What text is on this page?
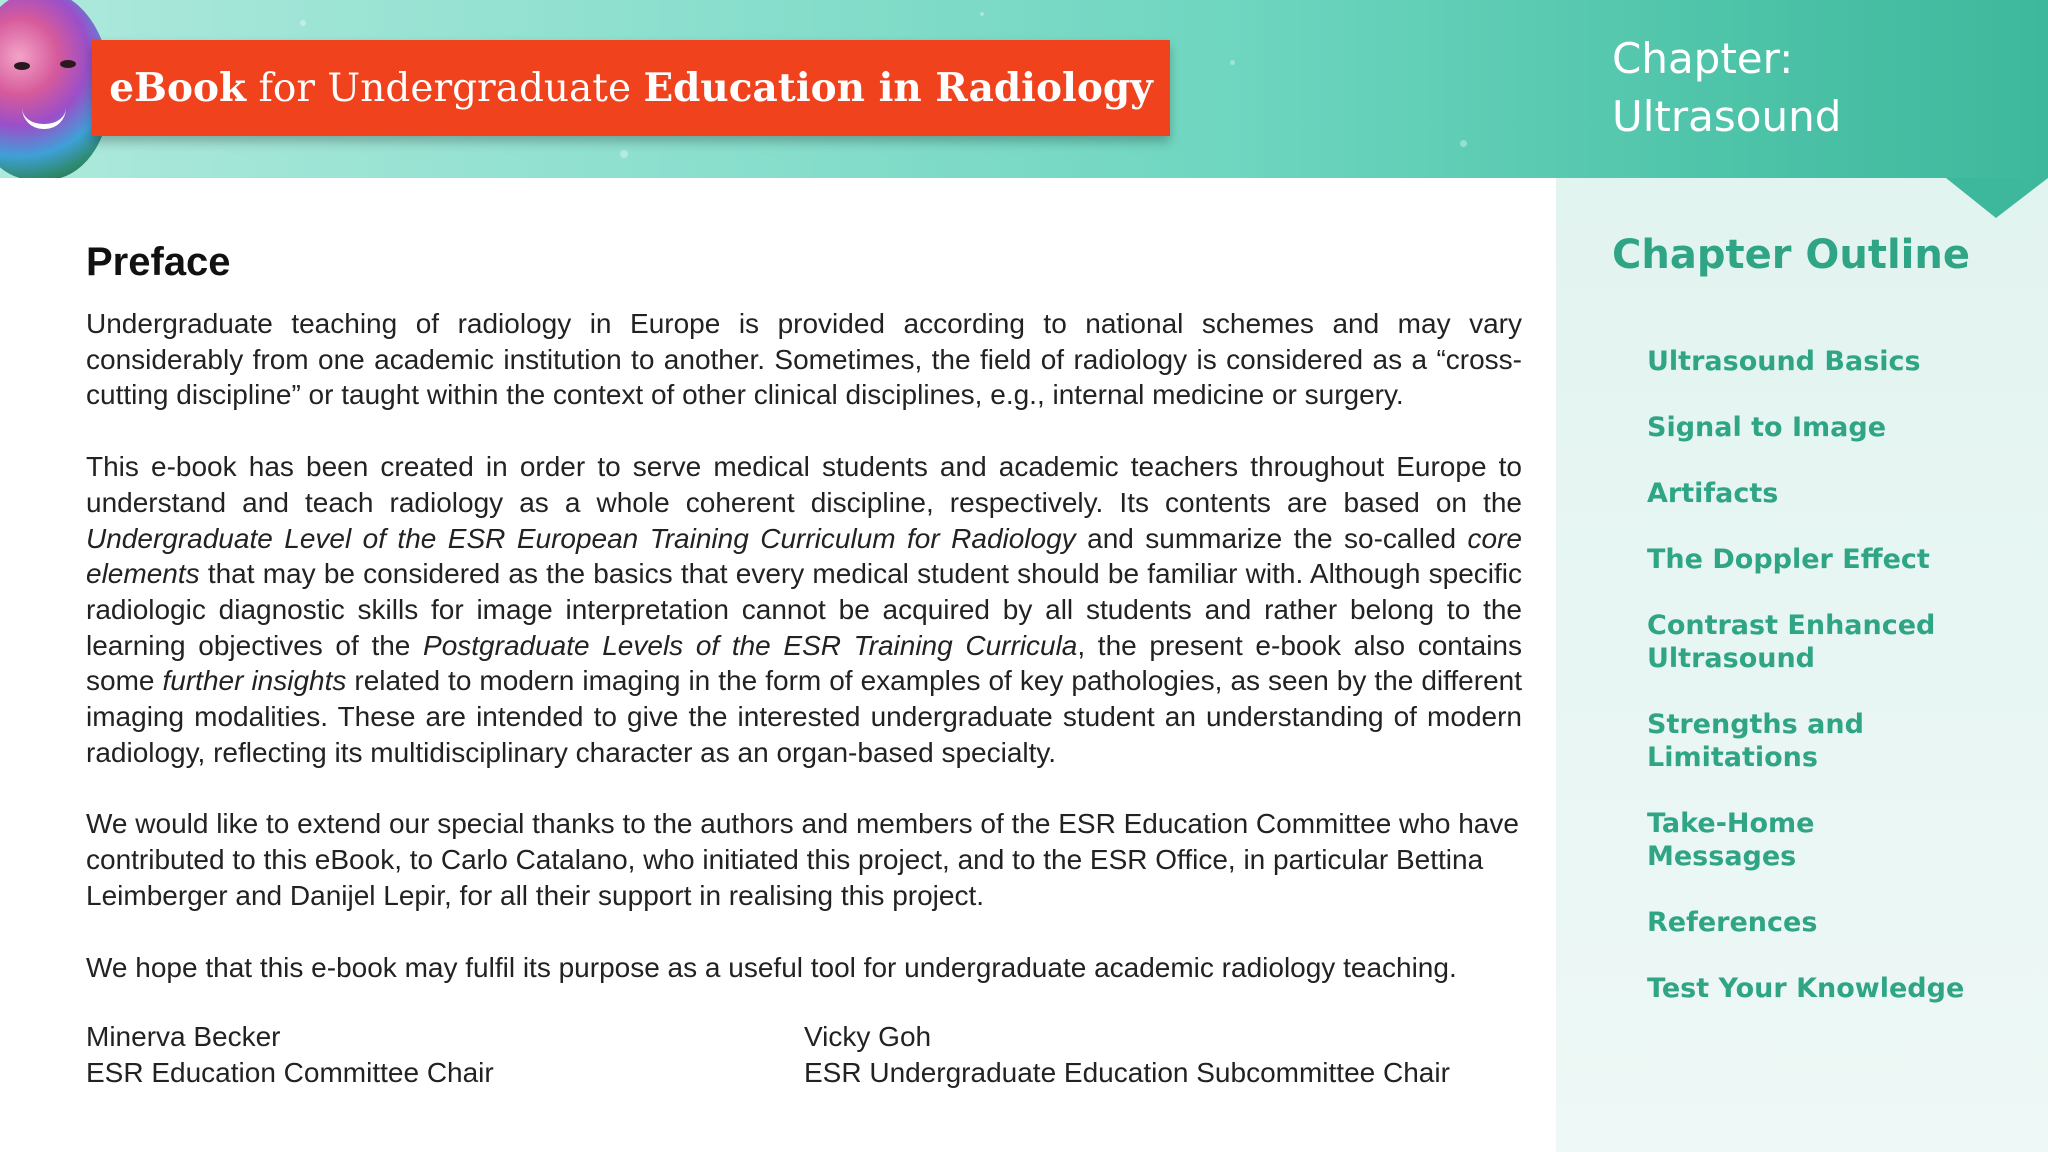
eBook for Undergraduate Education in Radiology
Chapter:
Ultrasound
Chapter Outline
Ultrasound Basics
Signal to Image
Artifacts
The Doppler Effect
Contrast Enhanced Ultrasound
Strengths and Limitations
Take-Home Messages
References
Test Your Knowledge
Preface

Undergraduate teaching of radiology in Europe is provided according to national schemes and may vary considerably from one academic institution to another. Sometimes, the field of radiology is considered as a “cross-cutting discipline” or taught within the context of other clinical disciplines, e.g., internal medicine or surgery.

This e-book has been created in order to serve medical students and academic teachers throughout Europe to understand and teach radiology as a whole coherent discipline, respectively. Its contents are based on the Undergraduate Level of the ESR European Training Curriculum for Radiology and summarize the so-called core elements that may be considered as the basics that every medical student should be familiar with. Although specific radiologic diagnostic skills for image interpretation cannot be acquired by all students and rather belong to the learning objectives of the Postgraduate Levels of the ESR Training Curricula, the present e-book also contains some further insights related to modern imaging in the form of examples of key pathologies, as seen by the different imaging modalities. These are intended to give the interested undergraduate student an understanding of modern radiology, reflecting its multidisciplinary character as an organ-based specialty.

We would like to extend our special thanks to the authors and members of the ESR Education Committee who have contributed to this eBook, to Carlo Catalano, who initiated this project, and to the ESR Office, in particular Bettina Leimberger and Danijel Lepir, for all their support in realising this project.

We hope that this e-book may fulfil its purpose as a useful tool for undergraduate academic radiology teaching.

Minerva Becker
ESR Education Committee Chair
Vicky Goh
ESR Undergraduate Education Subcommittee Chair
